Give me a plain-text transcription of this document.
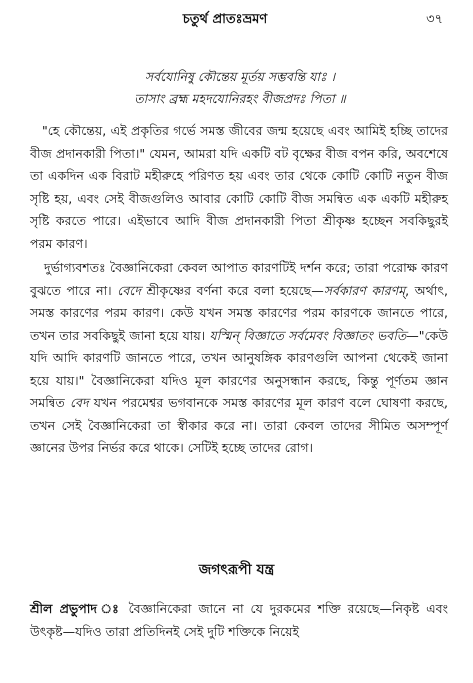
চতুর্থ প্রাতঃভ্রমণ	৩৭
সর্বযোনিষু কৌন্তেয় মূর্তয় সম্ভবন্তি যাঃ ।
তাসাং ব্রহ্ম মহদযোনিরহং বীজপ্রদঃ পিতা ॥

"হে কৌন্তেয়, এই প্রকৃতির গর্ভে সমস্ত জীবের জন্ম হয়েছে এবং আমিই হচ্ছি তাদের বীজ প্রদানকারী পিতা।" যেমন, আমরা যদি একটি বট বৃক্ষের বীজ বপন করি, অবশেষে তা একদিন এক বিরাট মহীরুহে পরিণত হয় এবং তার থেকে কোটি কোটি নতুন বীজ সৃষ্টি হয়, এবং সেই বীজগুলিও আবার কোটি কোটি বীজ সমন্বিত এক একটি মহীরুহ সৃষ্টি করতে পারে। এইভাবে আদি বীজ প্রদানকারী পিতা শ্রীকৃষ্ণ হচ্ছেন সবকিছুরই পরম কারণ।

দুর্ভাগ্যবশতঃ বৈজ্ঞানিকেরা কেবল আপাত কারণটিই দর্শন করে; তারা পরোক্ষ কারণ বুঝতে পারে না। বেদে শ্রীকৃষ্ণের বর্ণনা করে বলা হয়েছে—সর্বকারণ কারণম্‌, অর্থাৎ, সমস্ত কারণের পরম কারণ। কেউ যখন সমস্ত কারণের পরম কারণকে জানতে পারে, তখন তার সবকিছুই জানা হয়ে যায়। যস্মিন্‌ বিজ্ঞাতে সর্বমেবং বিজ্ঞাতং ভবতি—"কেউ যদি আদি কারণটি জানতে পারে, তখন আনুষঙ্গিক কারণগুলি আপনা থেকেই জানা হয়ে যায়।" বৈজ্ঞানিকেরা যদিও মূল কারণের অনুসন্ধান করছে, কিন্তু পূর্ণতম জ্ঞান সমন্বিত বেদ যখন পরমেশ্বর ভগবানকে সমস্ত কারণের মূল কারণ বলে ঘোষণা করছে, তখন সেই বৈজ্ঞানিকেরা তা স্বীকার করে না। তারা কেবল তাদের সীমিত অসম্পূর্ণ জ্ঞানের উপর নির্ভর করে থাকে। সেটিই হচ্ছে তাদের রোগ।

জগৎরূপী যন্ত্র
শ্রীল প্রভুপাদ ঃ বৈজ্ঞানিকেরা জানে না যে দুরকমের শক্তি রয়েছে—নিকৃষ্ট এবং উৎকৃষ্ট—যদিও তারা প্রতিদিনই সেই দুটি শক্তিকে নিয়েই
